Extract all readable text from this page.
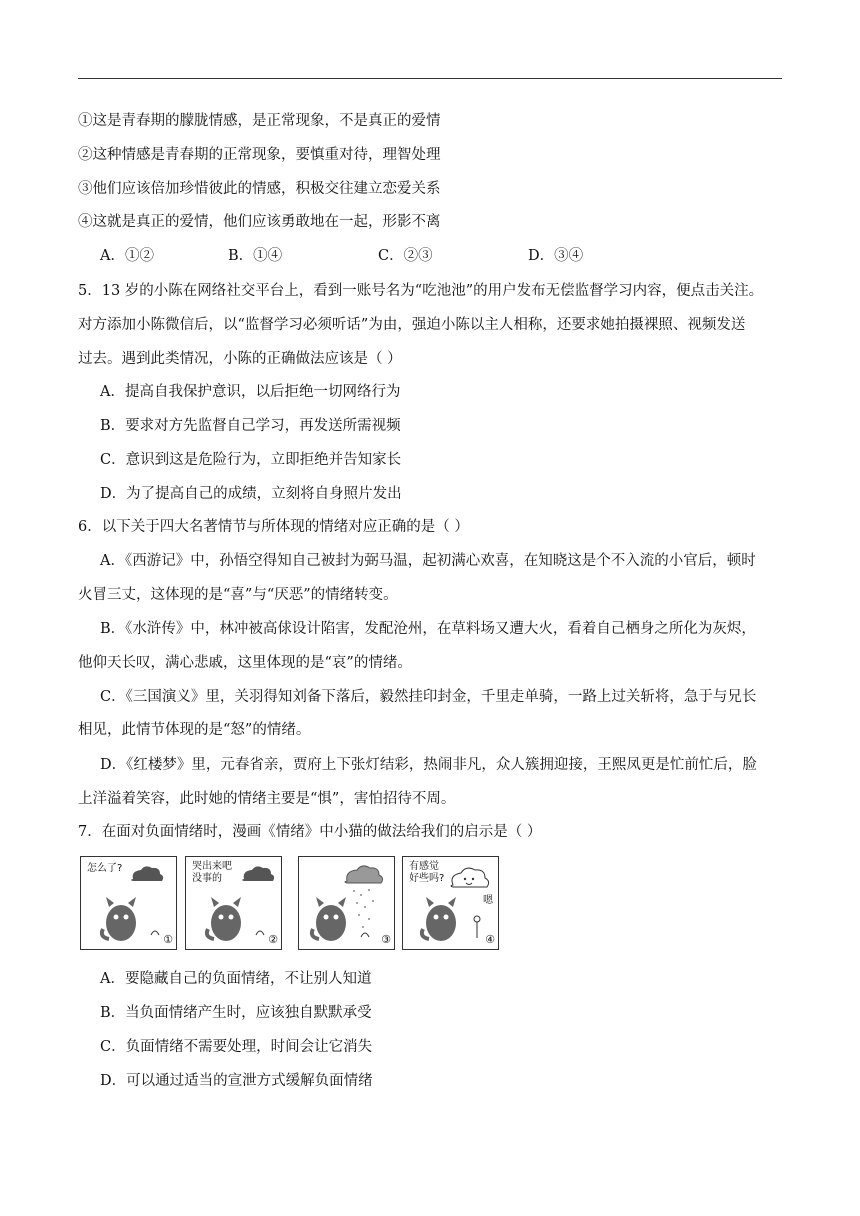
①这是青春期的朦胧情感，是正常现象，不是真正的爱情
②这种情感是青春期的正常现象，要慎重对待，理智处理
③他们应该倍加珍惜彼此的情感，积极交往建立恋爱关系
④这就是真正的爱情，他们应该勇敢地在一起，形影不离
A．①②	B．①④	C．②③	D．③④
5．13 岁的小陈在网络社交平台上，看到一账号名为“吃池池”的用户发布无偿监督学习内容，便点击关注。
对方添加小陈微信后，以“监督学习必须听话”为由，强迫小陈以主人相称，还要求她拍摄裸照、视频发送
过去。遇到此类情况，小陈的正确做法应该是（ ）
A．提高自我保护意识，以后拒绝一切网络行为
B．要求对方先监督自己学习，再发送所需视频
C．意识到这是危险行为，立即拒绝并告知家长
D．为了提高自己的成绩，立刻将自身照片发出
6．以下关于四大名著情节与所体现的情绪对应正确的是（ ）
A．《西游记》中，孙悟空得知自己被封为弼马温，起初满心欢喜，在知晓这是个不入流的小官后，顿时
火冒三丈，这体现的是“喜”与“厌恶”的情绪转变。
B．《水浒传》中，林冲被高俅设计陷害，发配沧州，在草料场又遭大火，看着自己栖身之所化为灰烬，
他仰天长叹，满心悲戚，这里体现的是“哀”的情绪。
C．《三国演义》里，关羽得知刘备下落后，毅然挂印封金，千里走单骑，一路上过关斩将，急于与兄长
相见，此情节体现的是“怒”的情绪。
D．《红楼梦》里，元春省亲，贾府上下张灯结彩，热闹非凡，众人簇拥迎接，王熙凤更是忙前忙后，脸
上洋溢着笑容，此时她的情绪主要是“惧”，害怕招待不周。
7．在面对负面情绪时，漫画《情绪》中小猫的做法给我们的启示是（ ）
怎么了?
①
哭出来吧
没事的
②	③
有感觉
好些吗?
嗯
④
A．要隐藏自己的负面情绪，不让别人知道
B．当负面情绪产生时，应该独自默默承受
C．负面情绪不需要处理，时间会让它消失
D．可以通过适当的宣泄方式缓解负面情绪
